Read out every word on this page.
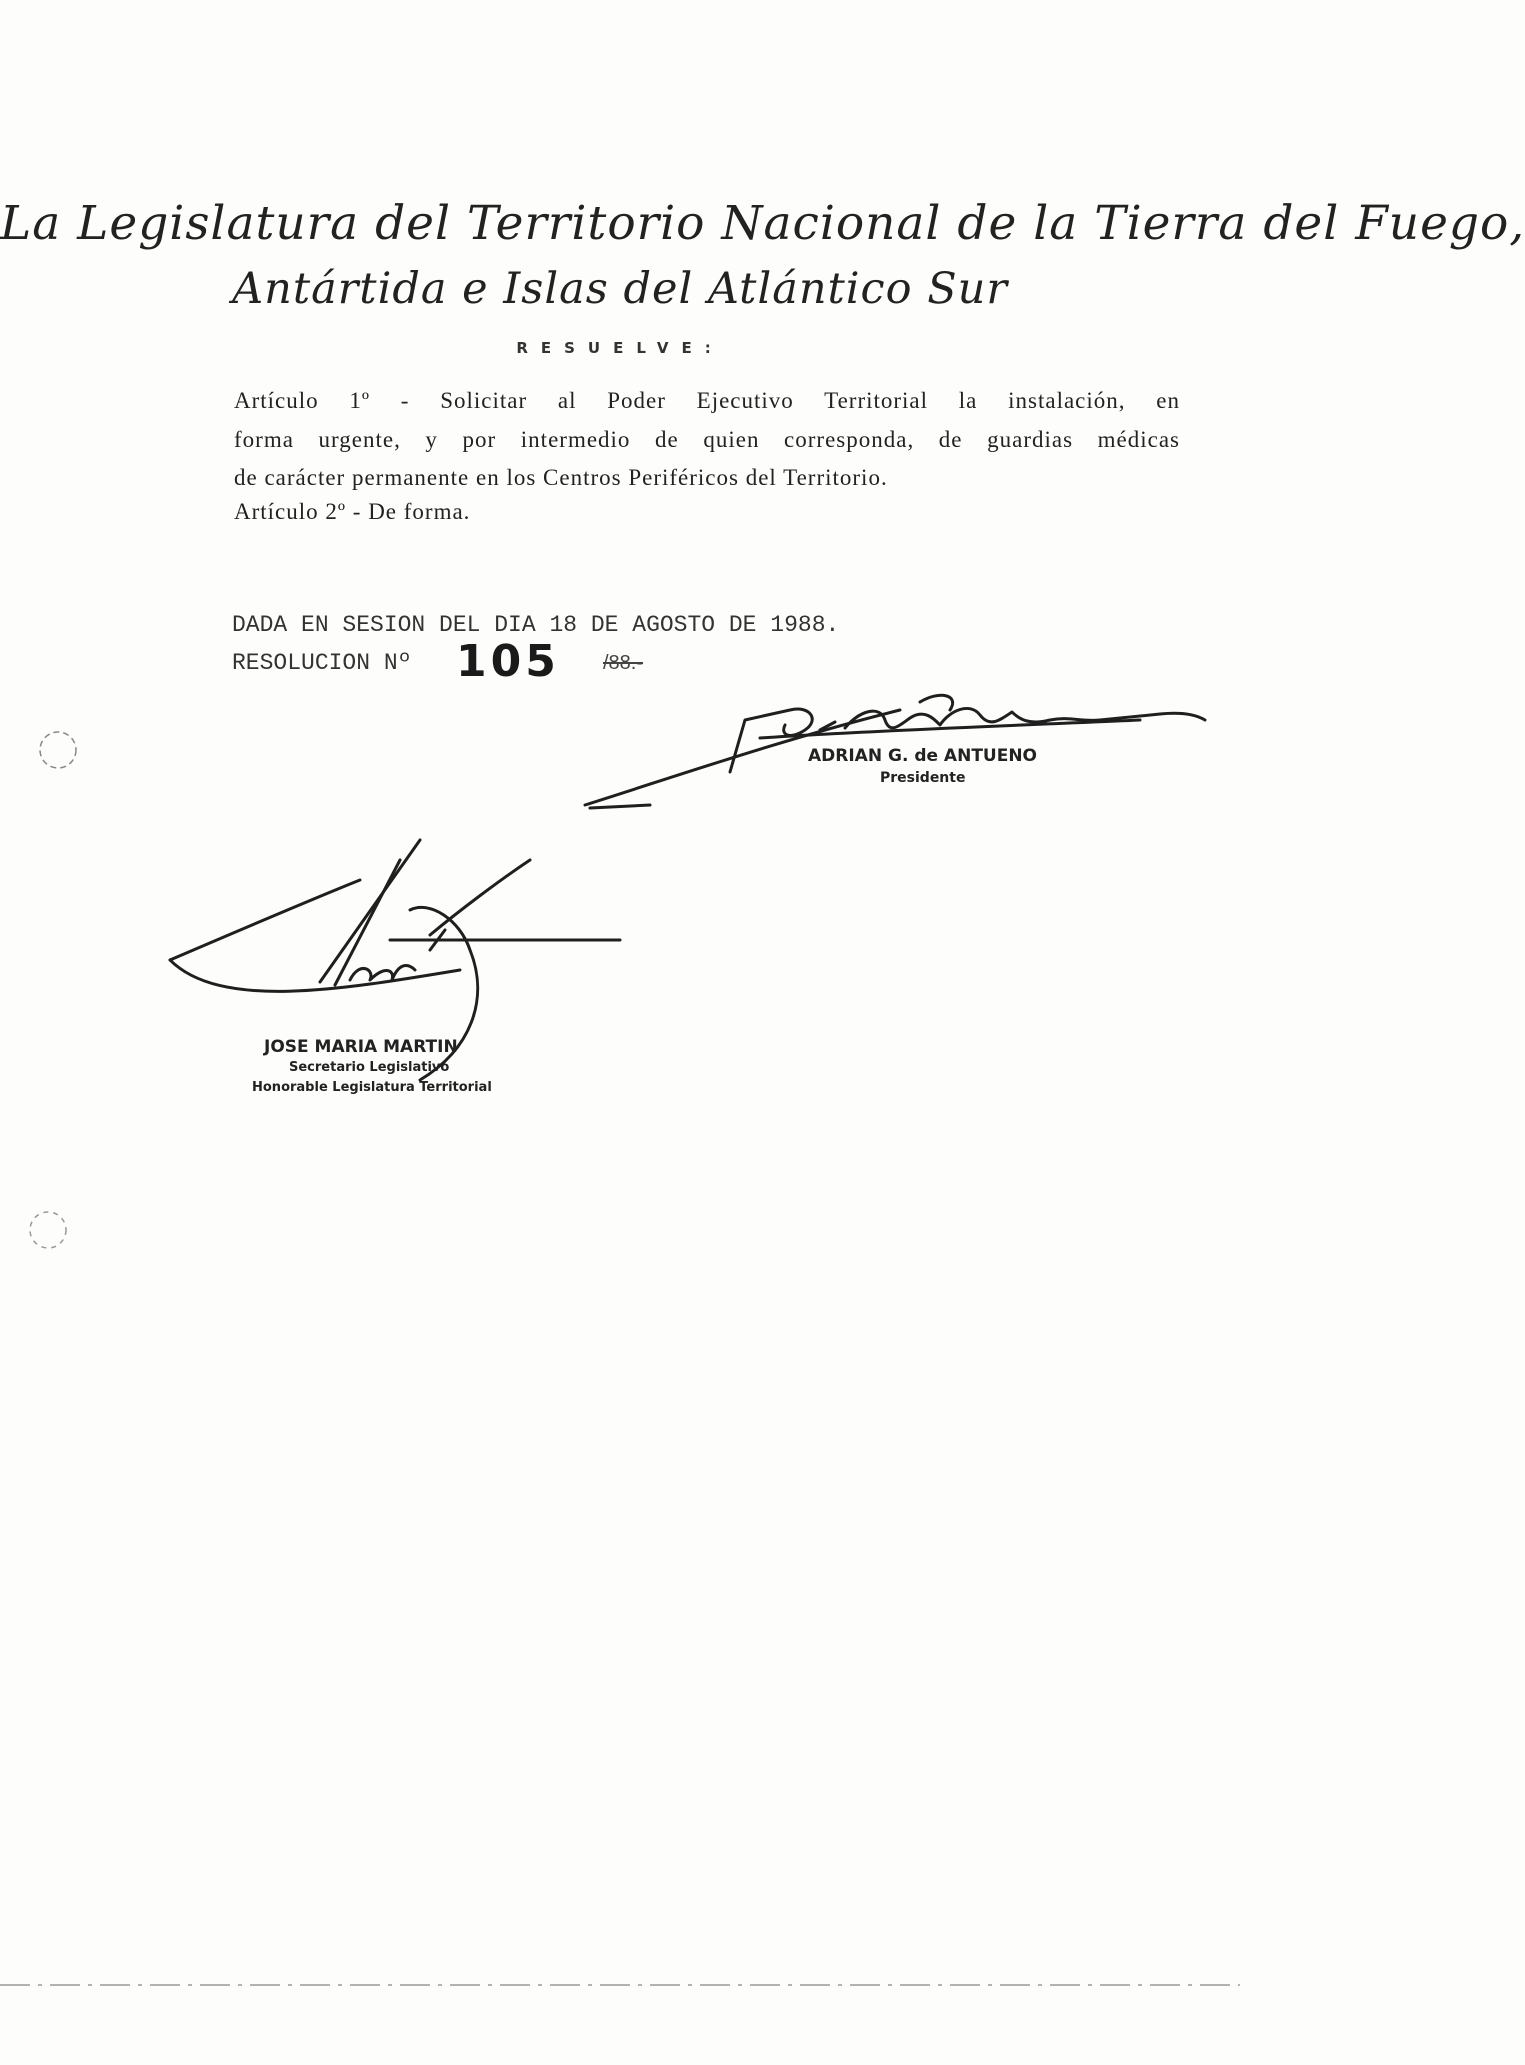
La Legislatura del Territorio Nacional de la Tierra del Fuego,
Antártida e Islas del Atlántico Sur
RESUELVE:
Artículo 1º - Solicitar al Poder Ejecutivo Territorial la instalación, en
forma urgente, y por intermedio de quien corresponda, de guardias médicas
de carácter permanente en los Centros Periféricos del Territorio.
Artículo 2º - De forma.
DADA EN SESION DEL DIA 18 DE AGOSTO DE 1988.
RESOLUCION Nº 105 /88.-
ADRIAN G. de ANTUENO
Presidente
JOSE MARIA MARTIN
Secretario Legislativo
Honorable Legislatura Territorial
